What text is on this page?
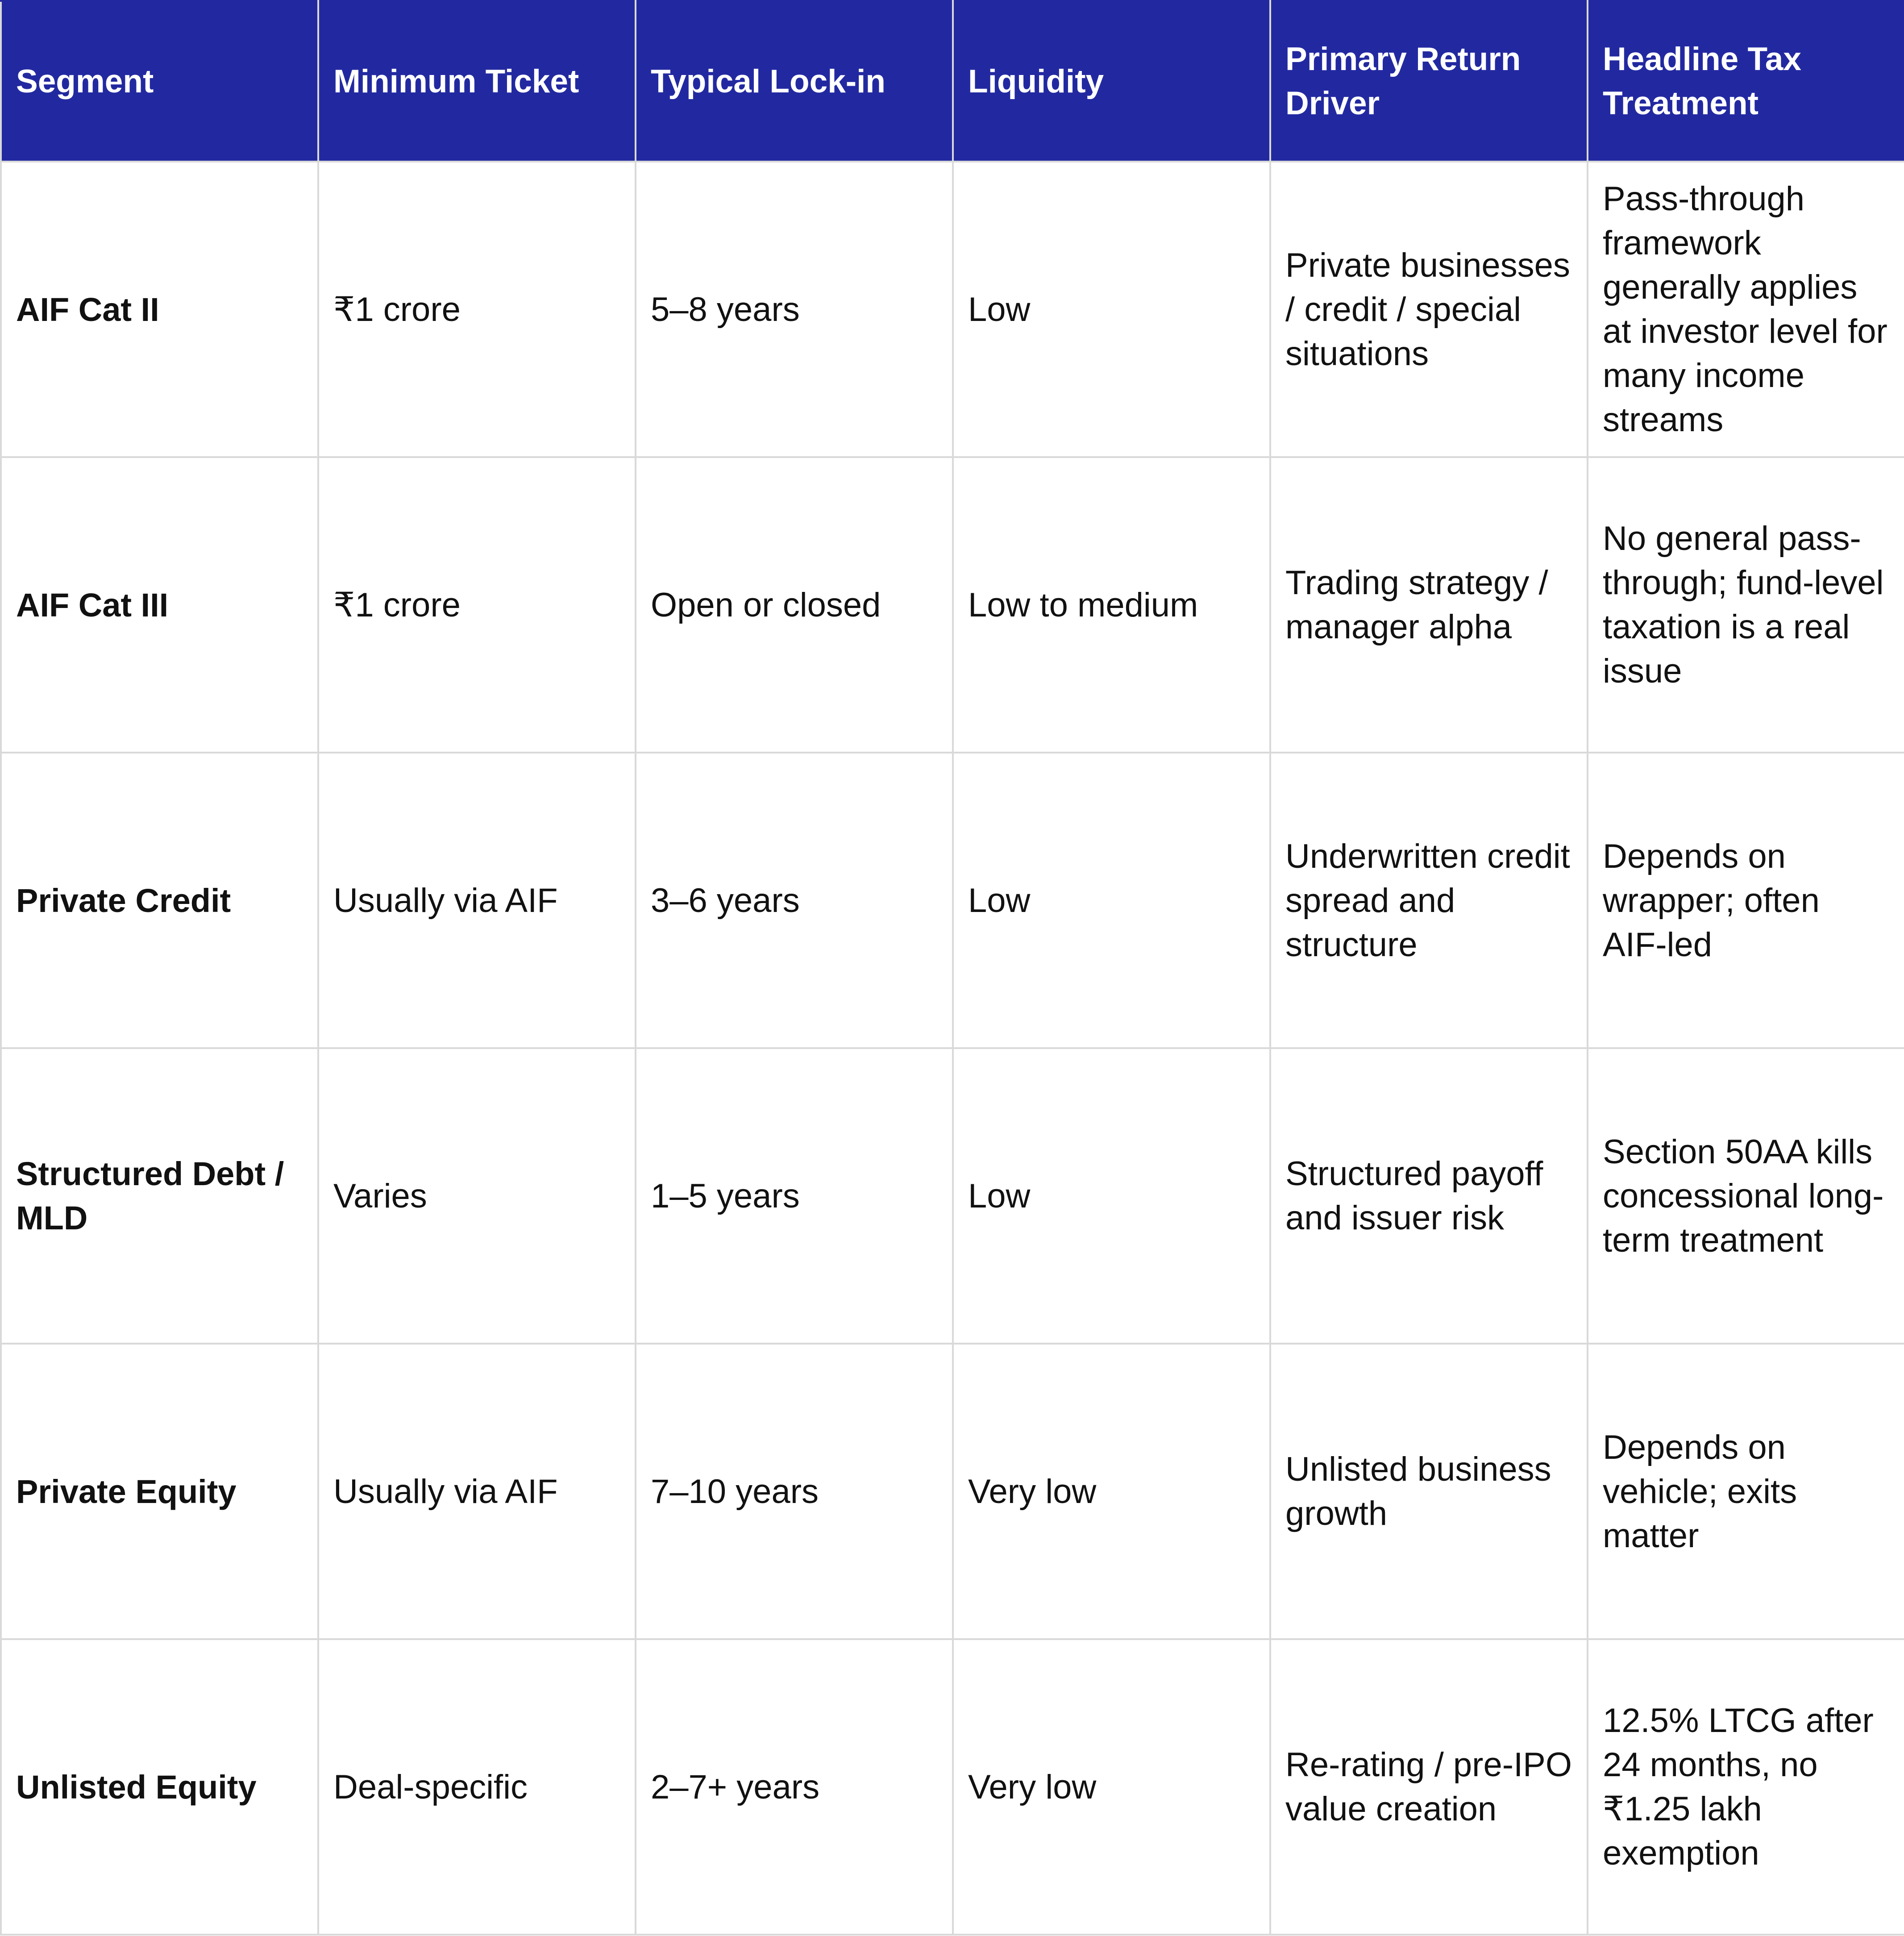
Segment	Minimum Ticket	Typical Lock-in	Liquidity	Primary Return Driver	Headline Tax Treatment
AIF Cat II	₹1 crore	5–8 years	Low	Private businesses / credit / special situations	Pass-through framework generally applies at investor level for many income streams
AIF Cat III	₹1 crore	Open or closed	Low to medium	Trading strategy / manager alpha	No general pass-through; fund-level taxation is a real issue
Private Credit	Usually via AIF	3–6 years	Low	Underwritten credit spread and structure	Depends on wrapper; often AIF-led
Structured Debt / MLD	Varies	1–5 years	Low	Structured payoff and issuer risk	Section 50AA kills concessional long-term treatment
Private Equity	Usually via AIF	7–10 years	Very low	Unlisted business growth	Depends on vehicle; exits matter
Unlisted Equity	Deal-specific	2–7+ years	Very low	Re-rating / pre-IPO value creation	12.5% LTCG after 24 months, no ₹1.25 lakh exemption
